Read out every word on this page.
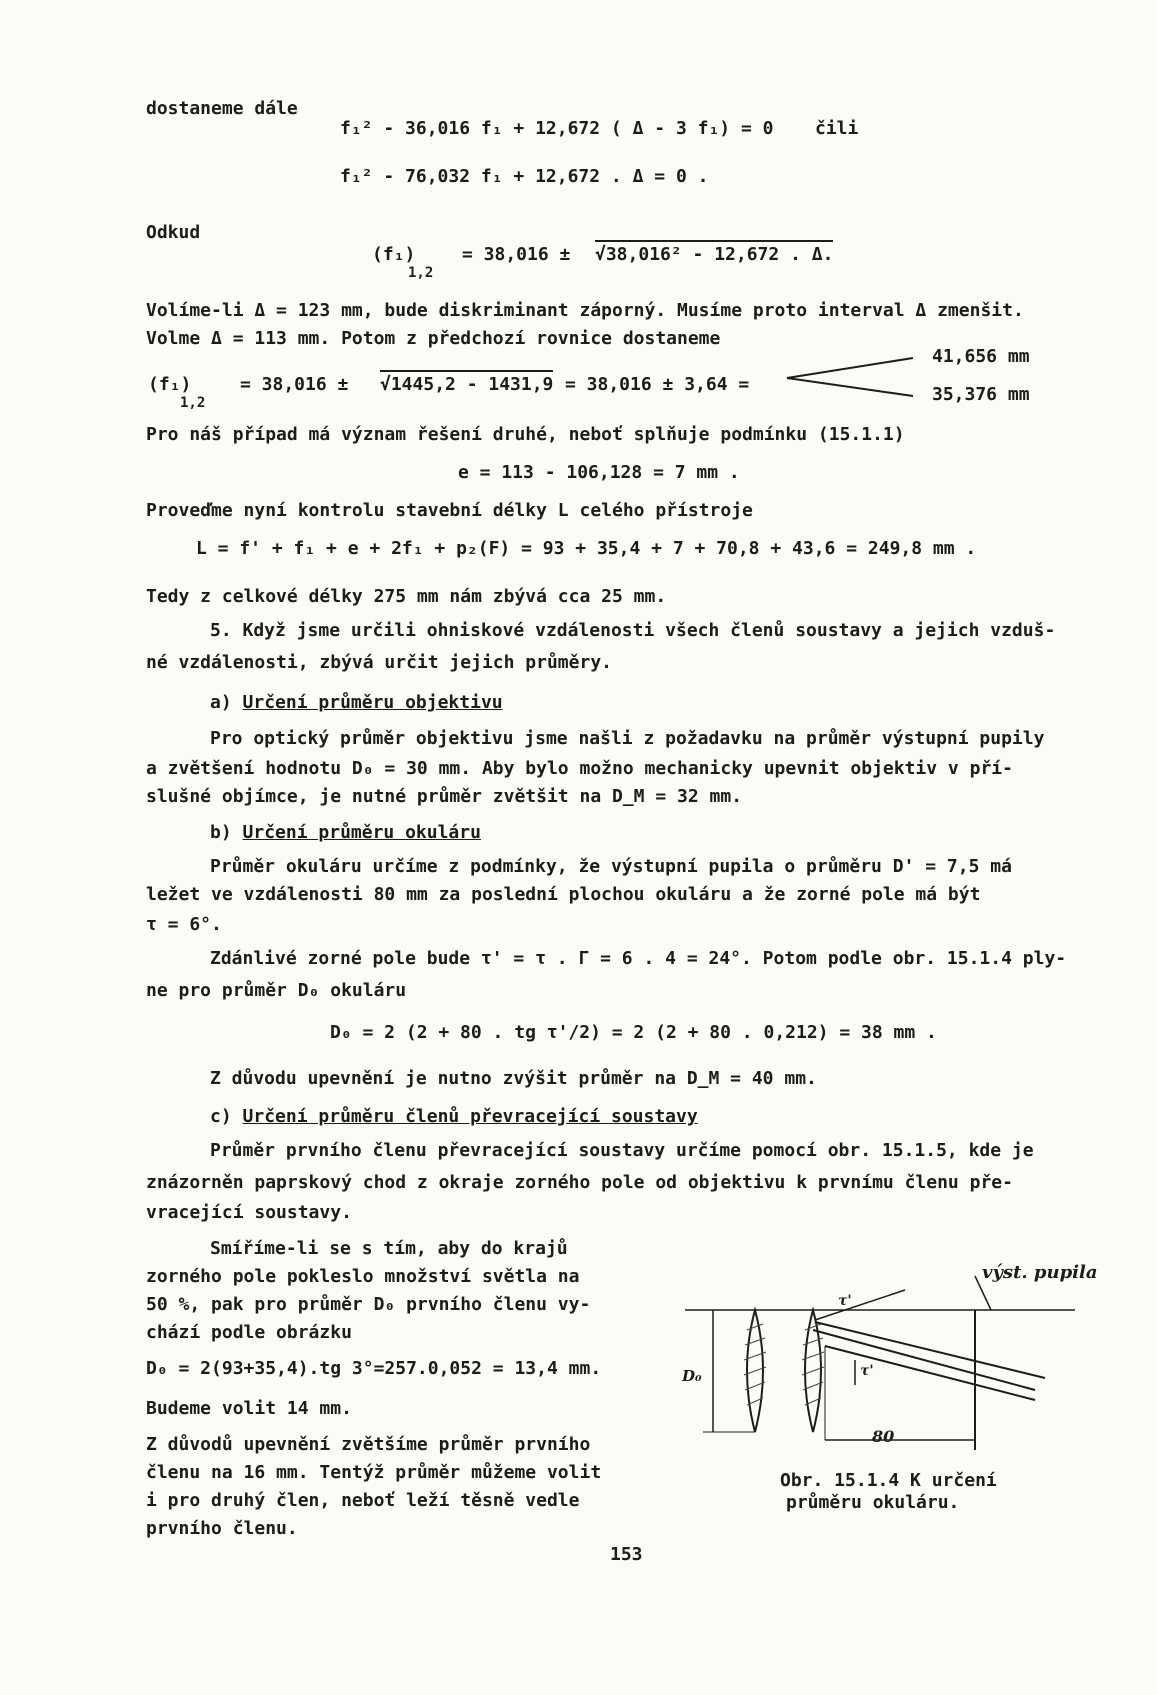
dostaneme dále
f₁² - 36,016 f₁ + 12,672 ( Δ - 3 f₁) = 0 čili
f₁² - 76,032 f₁ + 12,672 . Δ = 0 .
Odkud
(f₁)
1,2
= 38,016 ± √38,016² - 12,672 . Δ.
Volíme-li Δ = 123 mm, bude diskriminant záporný. Musíme proto interval Δ zmenšit.
Volme Δ = 113 mm. Potom z předchozí rovnice dostaneme
(f₁)
1,2
= 38,016 ± √1445,2 - 1431,9 = 38,016 ± 3,64 =
41,656 mm
35,376 mm
Pro náš případ má význam řešení druhé, neboť splňuje podmínku (15.1.1)
e = 113 - 106,128 = 7 mm .
Proveďme nyní kontrolu stavební délky L celého přístroje
L = f' + f₁ + e + 2f₁ + p₂(F) = 93 + 35,4 + 7 + 70,8 + 43,6 = 249,8 mm .
Tedy z celkové délky 275 mm nám zbývá cca 25 mm.
5. Když jsme určili ohniskové vzdálenosti všech členů soustavy a jejich vzduš-
né vzdálenosti, zbývá určit jejich průměry.
a) Určení průměru objektivu
Pro optický průměr objektivu jsme našli z požadavku na průměr výstupní pupily
a zvětšení hodnotu D₀ = 30 mm. Aby bylo možno mechanicky upevnit objektiv v pří-
slušné objímce, je nutné průměr zvětšit na D_M = 32 mm.
b) Určení průměru okuláru
Průměr okuláru určíme z podmínky, že výstupní pupila o průměru D' = 7,5 má
ležet ve vzdálenosti 80 mm za poslední plochou okuláru a že zorné pole má být
τ = 6°.
Zdánlivé zorné pole bude τ' = τ . Γ = 6 . 4 = 24°. Potom podle obr. 15.1.4 ply-
ne pro průměr D₀ okuláru
D₀ = 2 (2 + 80 . tg τ'/2) = 2 (2 + 80 . 0,212) = 38 mm .
Z důvodu upevnění je nutno zvýšit průměr na D_M = 40 mm.
c) Určení průměru členů převracející soustavy
Průměr prvního členu převracející soustavy určíme pomocí obr. 15.1.5, kde je
znázorněn paprskový chod z okraje zorného pole od objektivu k prvnímu členu pře-
vracející soustavy.
Smíříme-li se s tím, aby do krajů
zorného pole pokleslo množství světla na
50 %, pak pro průměr D₀ prvního členu vy-
chází podle obrázku
D₀ = 2(93+35,4).tg 3°=257.0,052 = 13,4 mm.
Budeme volit 14 mm.
Z důvodů upevnění zvětšíme průměr prvního
členu na 16 mm. Tentýž průměr můžeme volit
i pro druhý člen, neboť leží těsně vedle
prvního členu.
výst. pupila
D₀
80
τ'
τ'
Obr. 15.1.4 K určení
průměru okuláru.
153
